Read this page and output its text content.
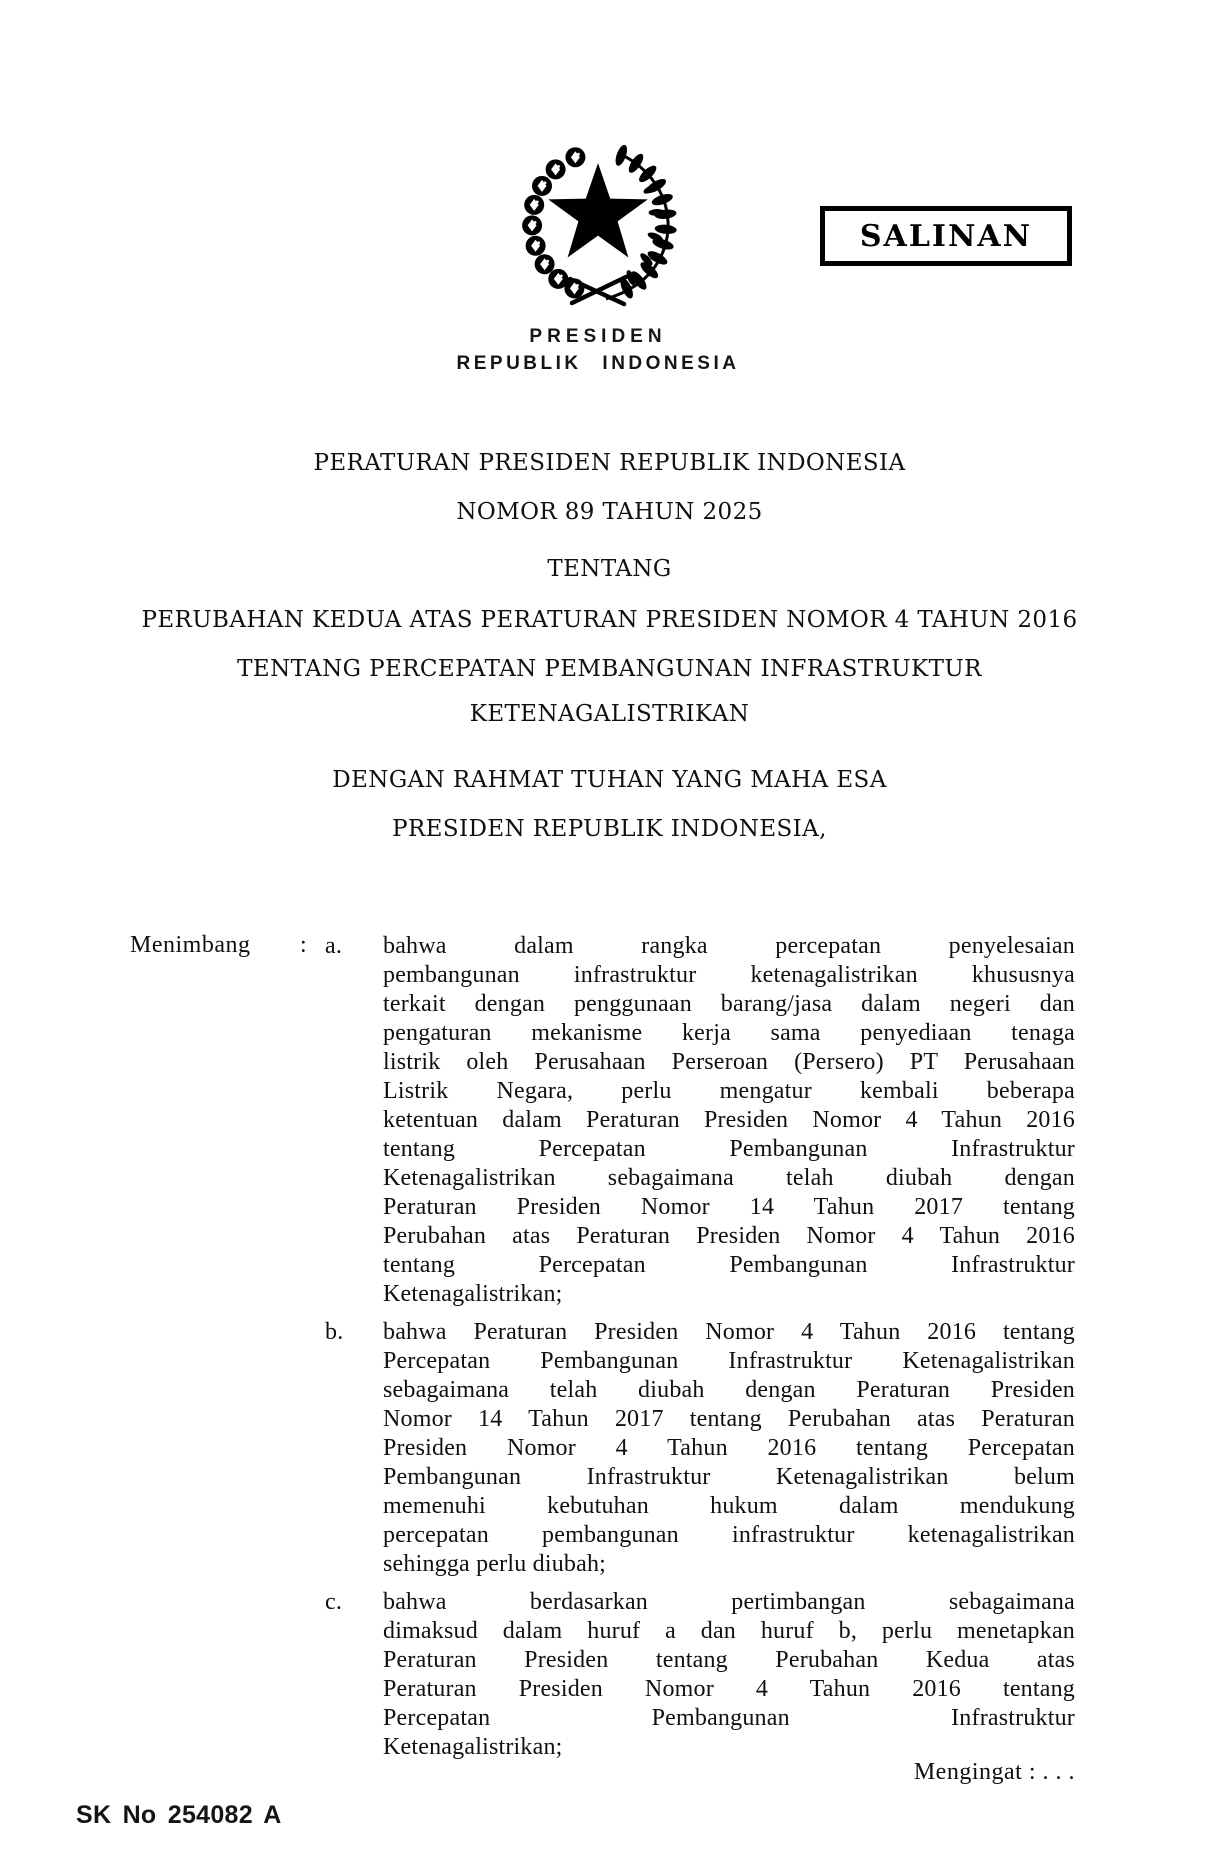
SALINAN
PRESIDEN
REPUBLIK INDONESIA
PERATURAN PRESIDEN REPUBLIK INDONESIA
NOMOR 89 TAHUN 2025
TENTANG
PERUBAHAN KEDUA ATAS PERATURAN PRESIDEN NOMOR 4 TAHUN 2016
TENTANG PERCEPATAN PEMBANGUNAN INFRASTRUKTUR
KETENAGALISTRIKAN
DENGAN RAHMAT TUHAN YANG MAHA ESA
PRESIDEN REPUBLIK INDONESIA,
Menimbang : a. bahwa dalam rangka percepatan penyelesaian
pembangunan infrastruktur ketenagalistrikan khususnya
terkait dengan penggunaan barang/jasa dalam negeri dan
pengaturan mekanisme kerja sama penyediaan tenaga
listrik oleh Perusahaan Perseroan (Persero) PT Perusahaan
Listrik Negara, perlu mengatur kembali beberapa
ketentuan dalam Peraturan Presiden Nomor 4 Tahun 2016
tentang Percepatan Pembangunan Infrastruktur
Ketenagalistrikan sebagaimana telah diubah dengan
Peraturan Presiden Nomor 14 Tahun 2017 tentang
Perubahan atas Peraturan Presiden Nomor 4 Tahun 2016
tentang Percepatan Pembangunan Infrastruktur
Ketenagalistrikan;
b. bahwa Peraturan Presiden Nomor 4 Tahun 2016 tentang
Percepatan Pembangunan Infrastruktur Ketenagalistrikan
sebagaimana telah diubah dengan Peraturan Presiden
Nomor 14 Tahun 2017 tentang Perubahan atas Peraturan
Presiden Nomor 4 Tahun 2016 tentang Percepatan
Pembangunan Infrastruktur Ketenagalistrikan belum
memenuhi kebutuhan hukum dalam mendukung
percepatan pembangunan infrastruktur ketenagalistrikan
sehingga perlu diubah;
c. bahwa berdasarkan pertimbangan sebagaimana
dimaksud dalam huruf a dan huruf b, perlu menetapkan
Peraturan Presiden tentang Perubahan Kedua atas
Peraturan Presiden Nomor 4 Tahun 2016 tentang
Percepatan Pembangunan Infrastruktur
Ketenagalistrikan;
Mengingat : . . .
SK No 254082 A
